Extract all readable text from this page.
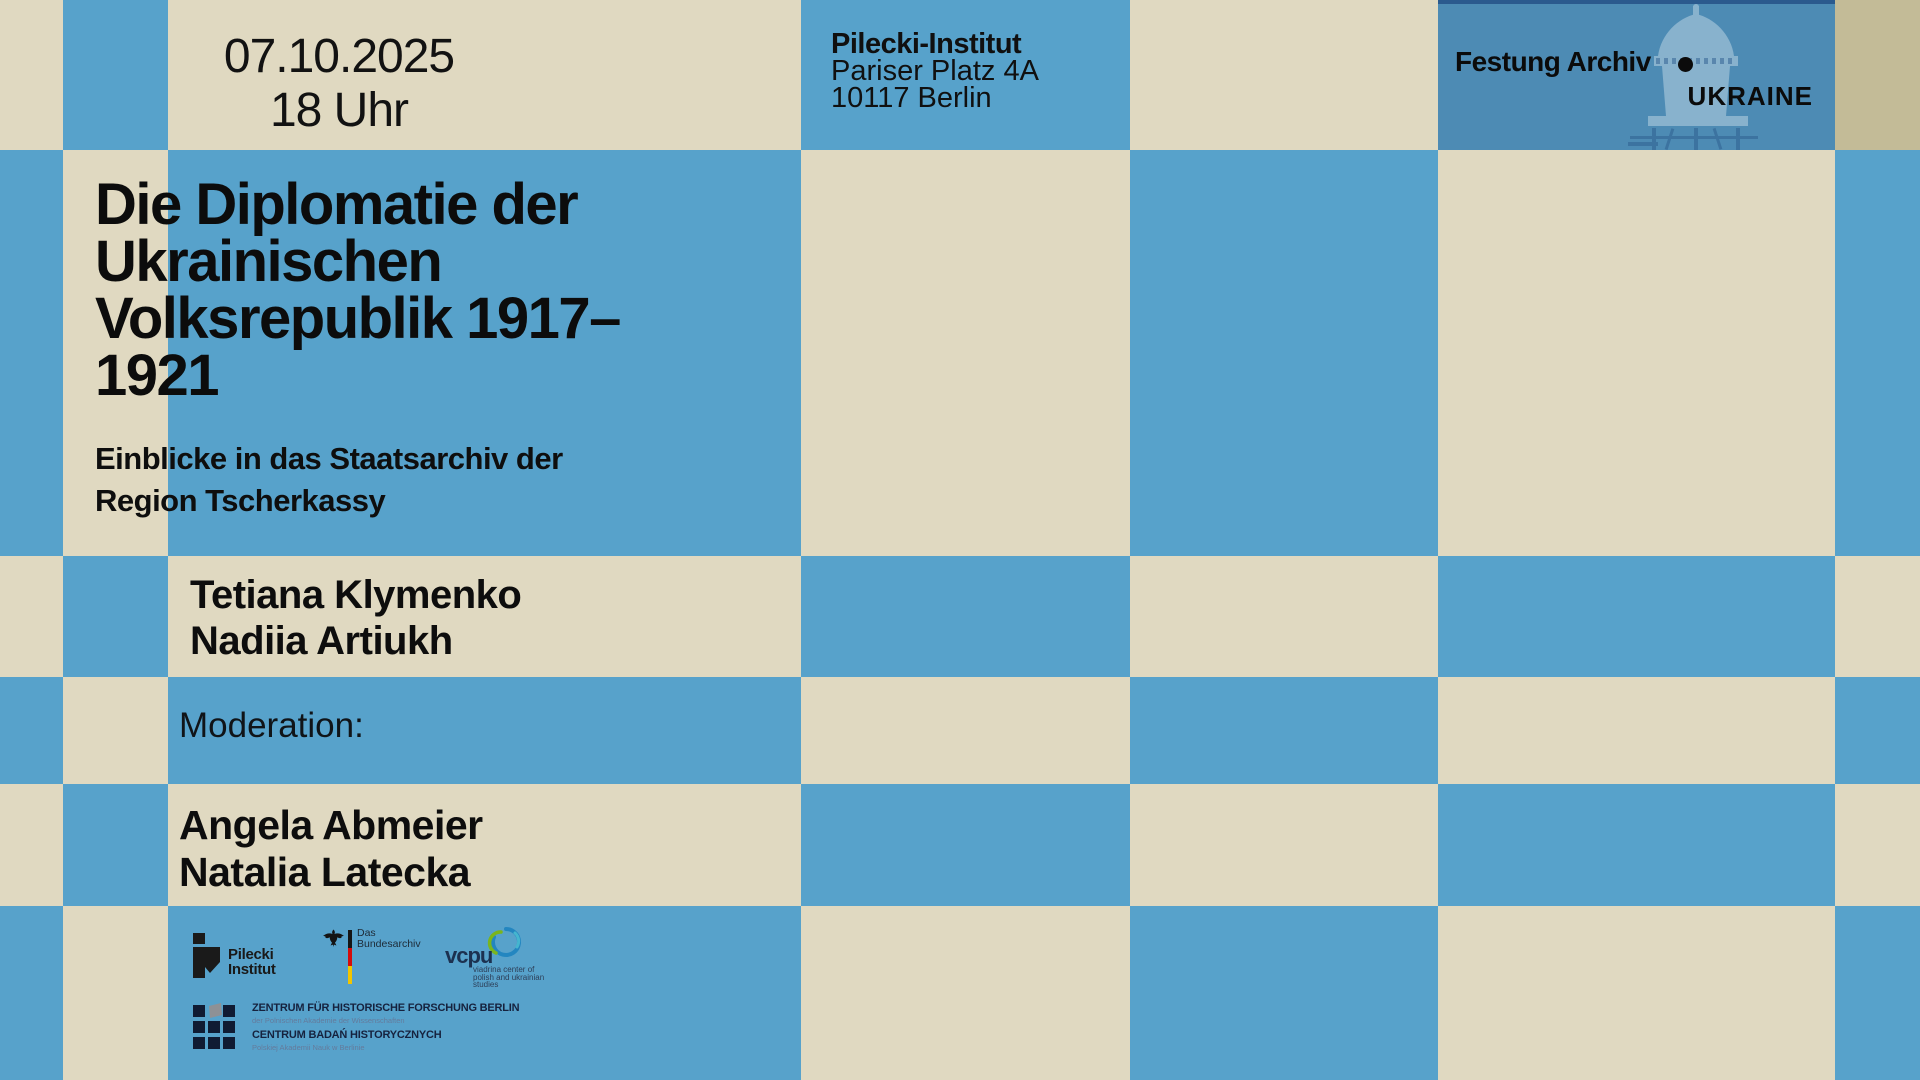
07.10.2025
18 Uhr
Pilecki-Institut
Pariser Platz 4A
10117 Berlin
Festung Archiv
UKRAINE
Die Diplomatie der
Ukrainischen
Volksrepublik 1917–
1921
Einblicke in das Staatsarchiv der
Region Tscherkassy
Tetiana Klymenko
Nadiia Artiukh
Moderation:
Angela Abmeier
Natalia Latecka
Pilecki
Institut
Das
Bundesarchiv vcpu
viadrina center of
polish and ukrainian
studies
ZENTRUM FÜR HISTORISCHE FORSCHUNG BERLIN
der Polnischen Akademie der Wissenschaften
CENTRUM BADAŃ HISTORYCZNYCH
Polskiej Akademii Nauk w Berlinie
